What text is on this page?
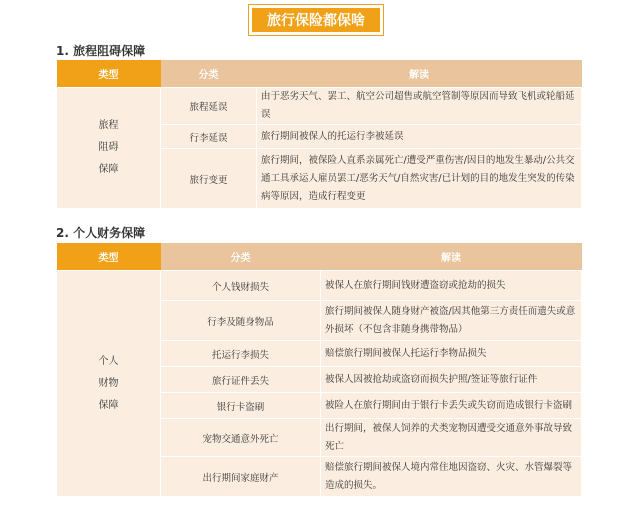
旅行保险都保啥
1. 旅程阻碍保障
类型	分类	解读

旅程
阻碍
保障	旅程延误	由于恶劣天气、罢工、航空公司超售或航空管制等原因而导致飞机或轮船延误
	行李延误	旅行期间被保人的托运行李被延误
	旅行变更	旅行期间，被保险人直系亲属死亡/遭受严重伤害/因目的地发生暴动/公共交通工具承运人雇员罢工/恶劣天气/自然灾害/已计划的目的地发生突发的传染病等原因，造成行程变更
2. 个人财务保障
类型	分类	解读

个人
财物
保障	个人钱财损失	被保人在旅行期间钱财遭盗窃或抢劫的损失
	行李及随身物品	旅行期间被保人随身财产被盗/因其他第三方责任而遗失或意外损坏（不包含非随身携带物品）
	托运行李损失	赔偿旅行期间被保人托运行李物品损失
	旅行证件丢失	被保人因被抢劫或盗窃而损失护照/签证等旅行证件
	银行卡盗刷	被险人在旅行期间由于银行卡丢失或失窃而造成银行卡盗刷
	宠物交通意外死亡	出行期间，被保人饲养的犬类宠物因遭受交通意外事故导致死亡
	出行期间家庭财产	赔偿旅行期间被保人境内常住地因盗窃、火灾、水管爆裂等造成的损失。
